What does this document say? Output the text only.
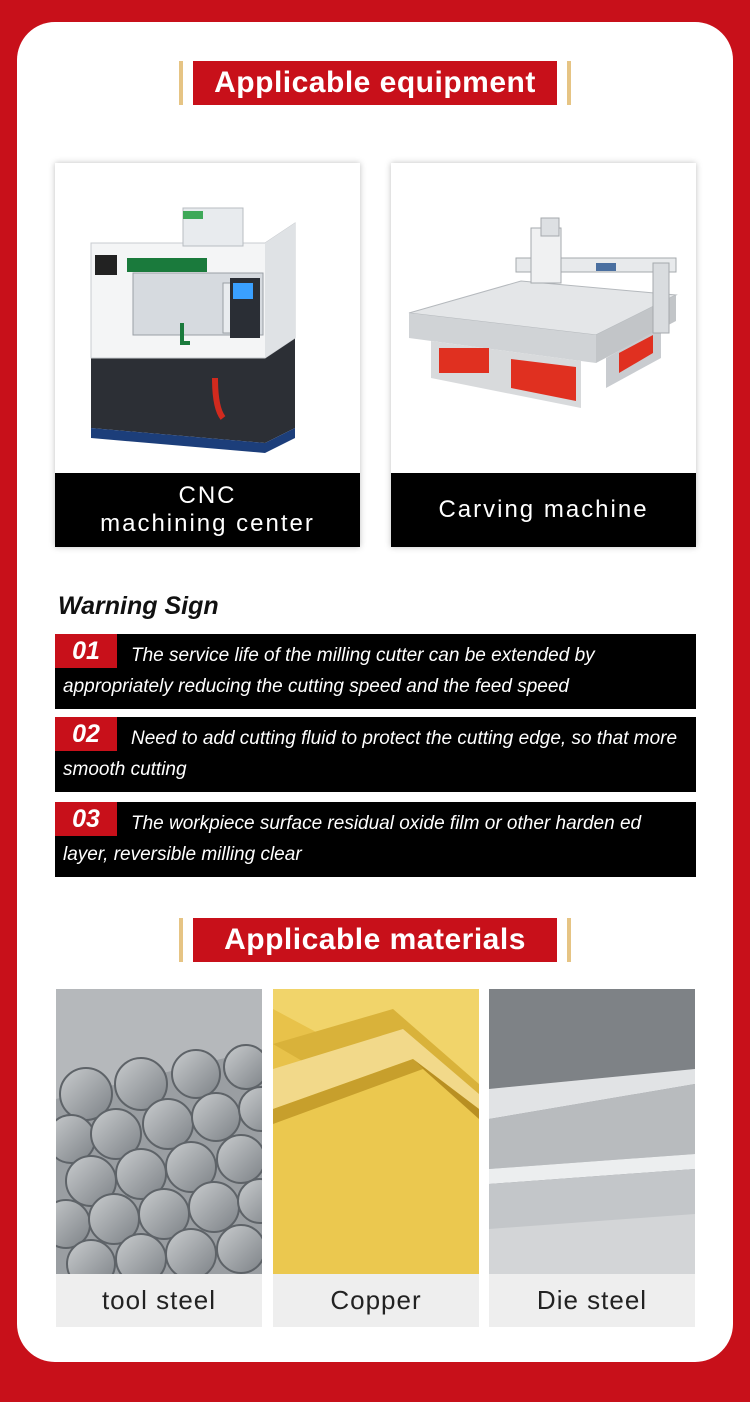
Applicable equipment
CNC
machining center
Carving machine
Warning Sign
01	The service life of the milling cutter can be extended by appropriately reducing the cutting speed and the feed speed
02	Need to add cutting fluid to protect the cutting edge, so that more smooth cutting
03	The workpiece surface residual oxide film or other harden ed layer, reversible milling clear
Applicable materials
tool steel	Copper	Die steel
